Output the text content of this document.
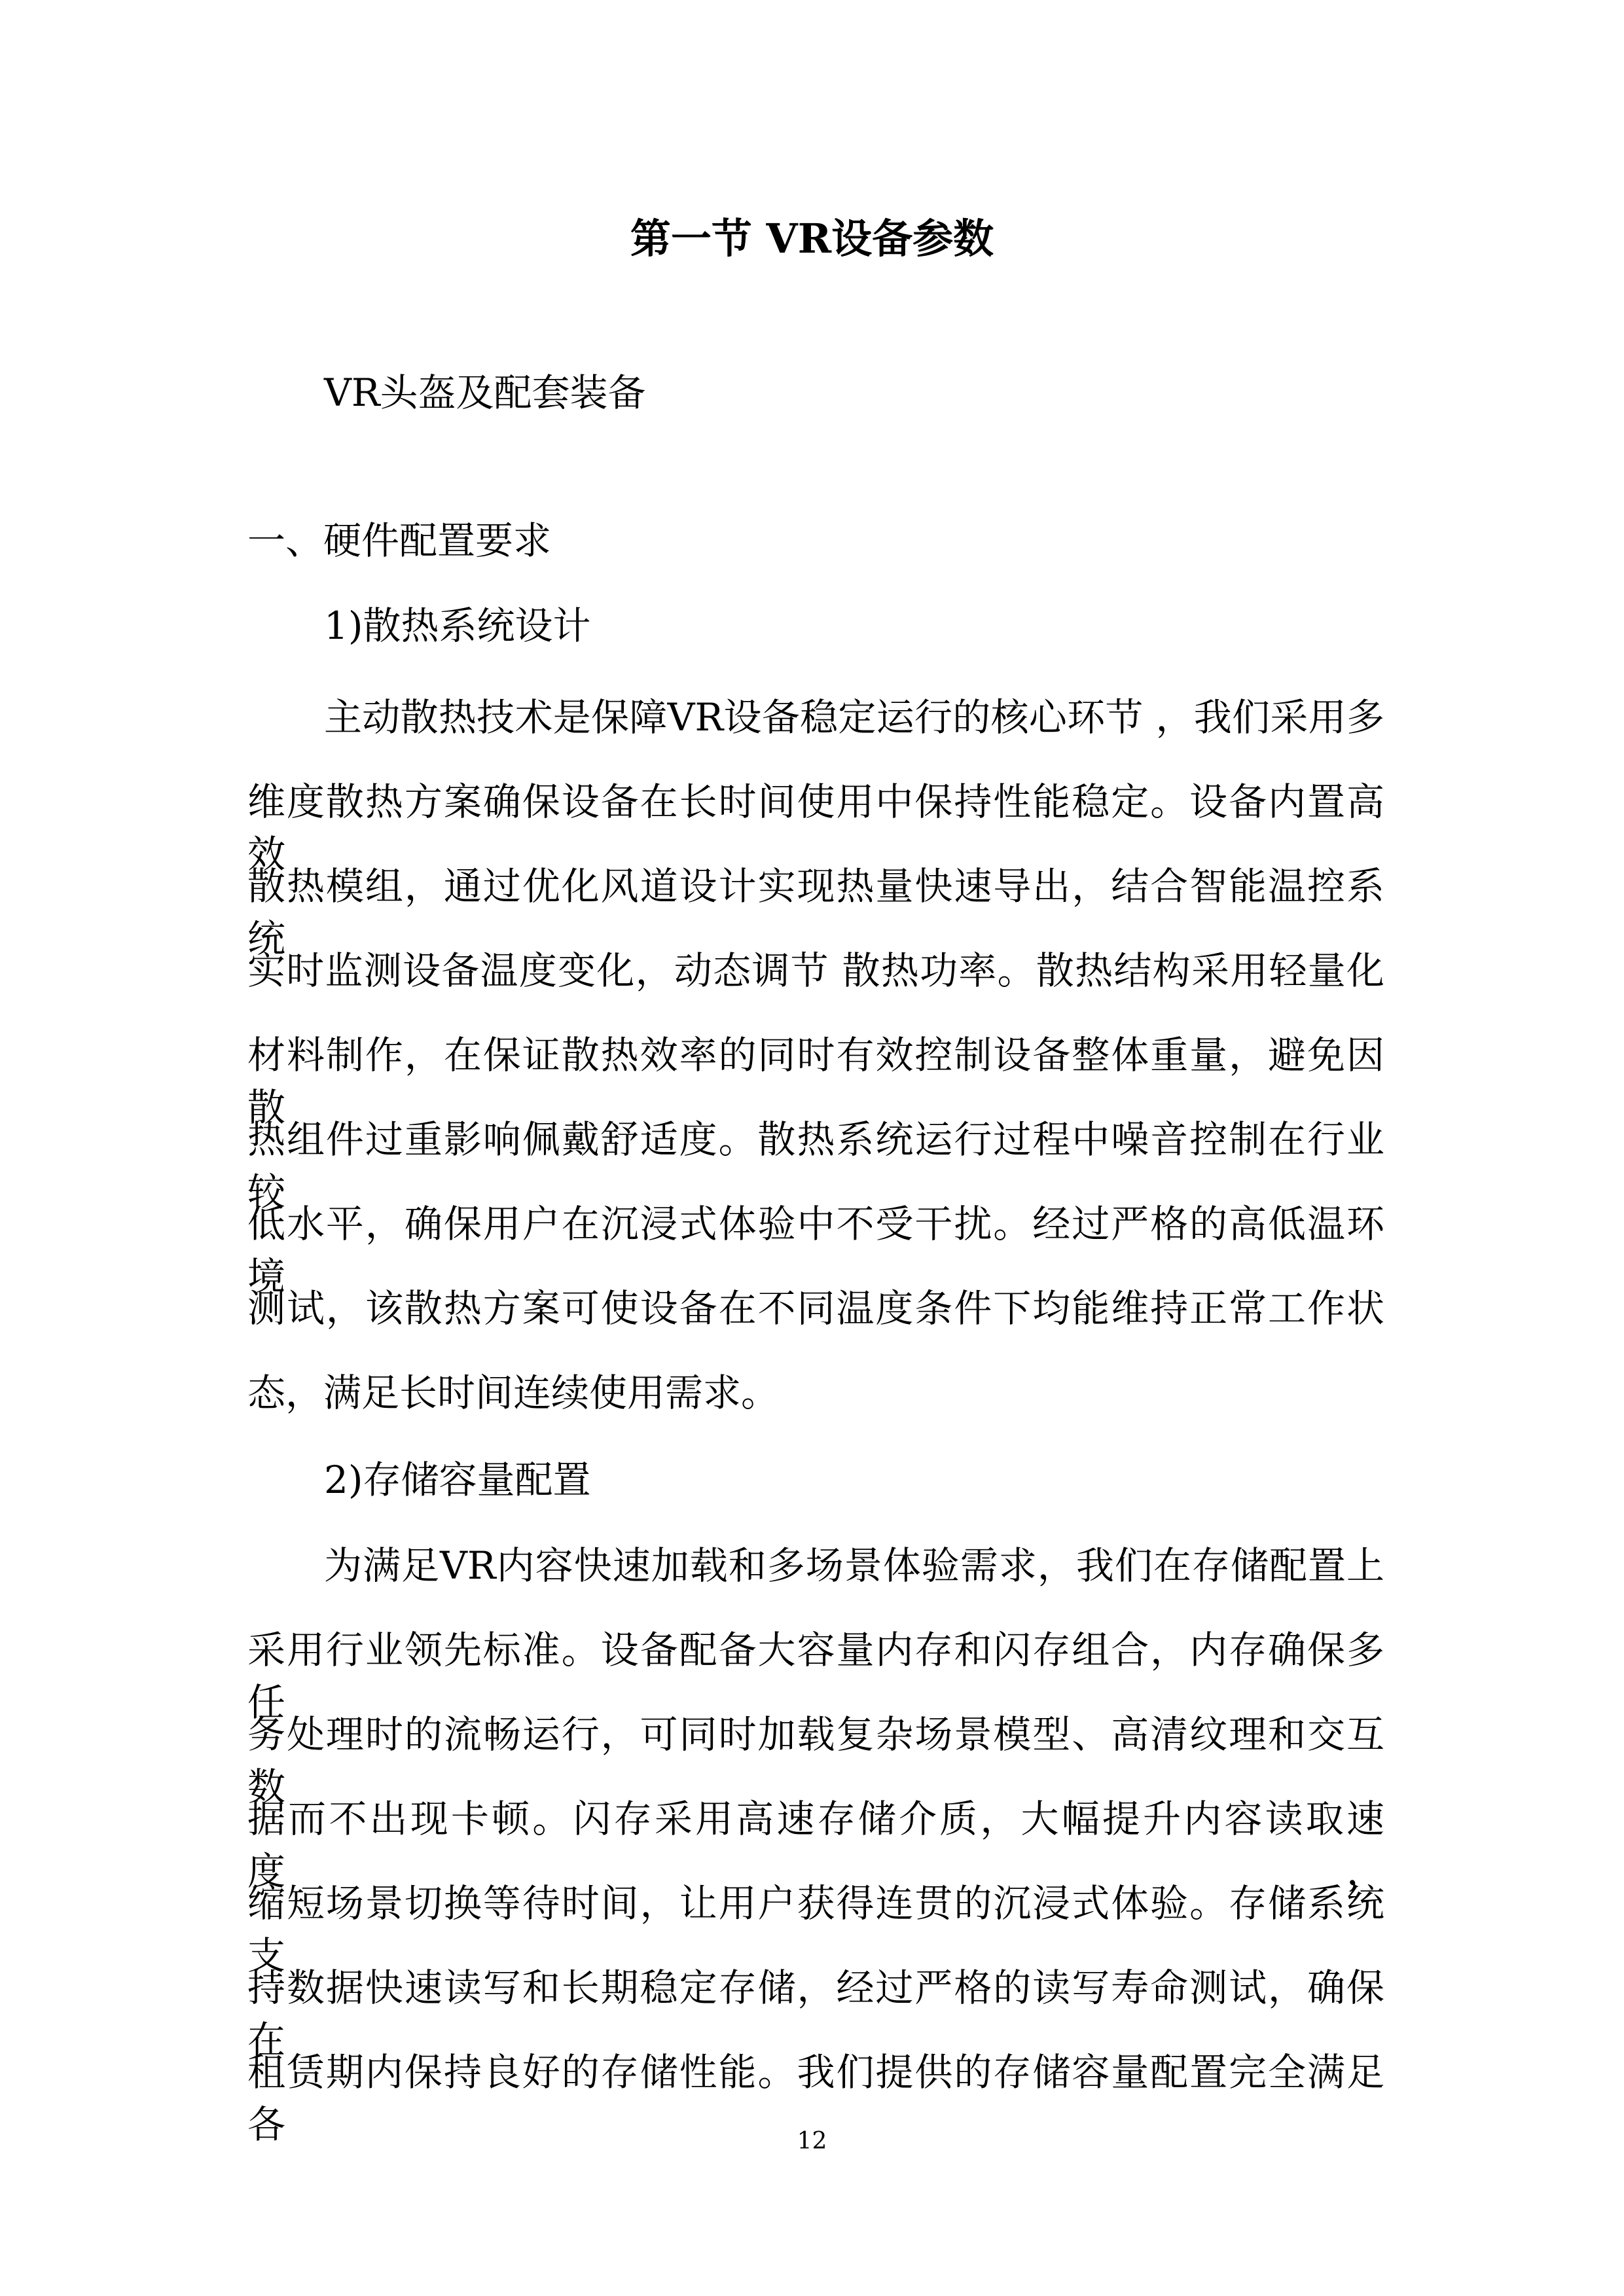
第一节 VR设备参数
VR头盔及配套装备
一、硬件配置要求
1)散热系统设计
主动散热技术是保障VR设备稳定运行的核心环节 ，我们采用多
维度散热方案确保设备在长时间使用中保持性能稳定。设备内置高效
散热模组，通过优化风道设计实现热量快速导出，结合智能温控系统
实时监测设备温度变化，动态调节 散热功率。散热结构采用轻量化
材料制作，在保证散热效率的同时有效控制设备整体重量，避免因散
热组件过重影响佩戴舒适度。散热系统运行过程中噪音控制在行业较
低水平，确保用户在沉浸式体验中不受干扰。经过严格的高低温环境
测试，该散热方案可使设备在不同温度条件下均能维持正常工作状
态，满足长时间连续使用需求。
2)存储容量配置
为满足VR内容快速加载和多场景体验需求，我们在存储配置上
采用行业领先标准。设备配备大容量内存和闪存组合，内存确保多任
务处理时的流畅运行，可同时加载复杂场景模型、高清纹理和交互数
据而不出现卡顿。闪存采用高速存储介质，大幅提升内容读取速度，
缩短场景切换等待时间，让用户获得连贯的沉浸式体验。存储系统支
持数据快速读写和长期稳定存储，经过严格的读写寿命测试，确保在
租赁期内保持良好的存储性能。我们提供的存储容量配置完全满足各	12
